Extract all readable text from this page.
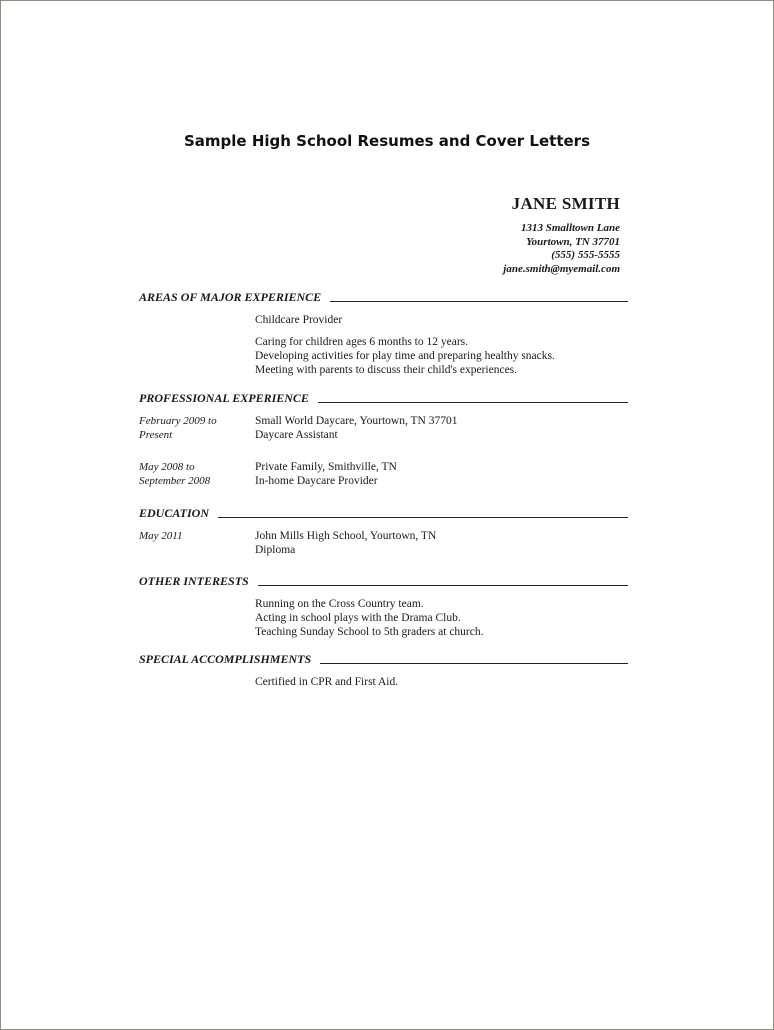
Sample High School Resumes and Cover Letters
JANE SMITH
1313 Smalltown Lane
Yourtown, TN 37701
(555) 555-5555
jane.smith@myemail.com
AREAS OF MAJOR EXPERIENCE
Childcare Provider
Caring for children ages 6 months to 12 years.
Developing activities for play time and preparing healthy snacks.
Meeting with parents to discuss their child's experiences.
PROFESSIONAL EXPERIENCE
February 2009 to
Present
Small World Daycare, Yourtown, TN 37701
Daycare Assistant
May 2008 to
September 2008
Private Family, Smithville, TN
In-home Daycare Provider
EDUCATION
May 2011	John Mills High School, Yourtown, TN
Diploma
OTHER INTERESTS
Running on the Cross Country team.
Acting in school plays with the Drama Club.
Teaching Sunday School to 5th graders at church.
SPECIAL ACCOMPLISHMENTS
Certified in CPR and First Aid.
